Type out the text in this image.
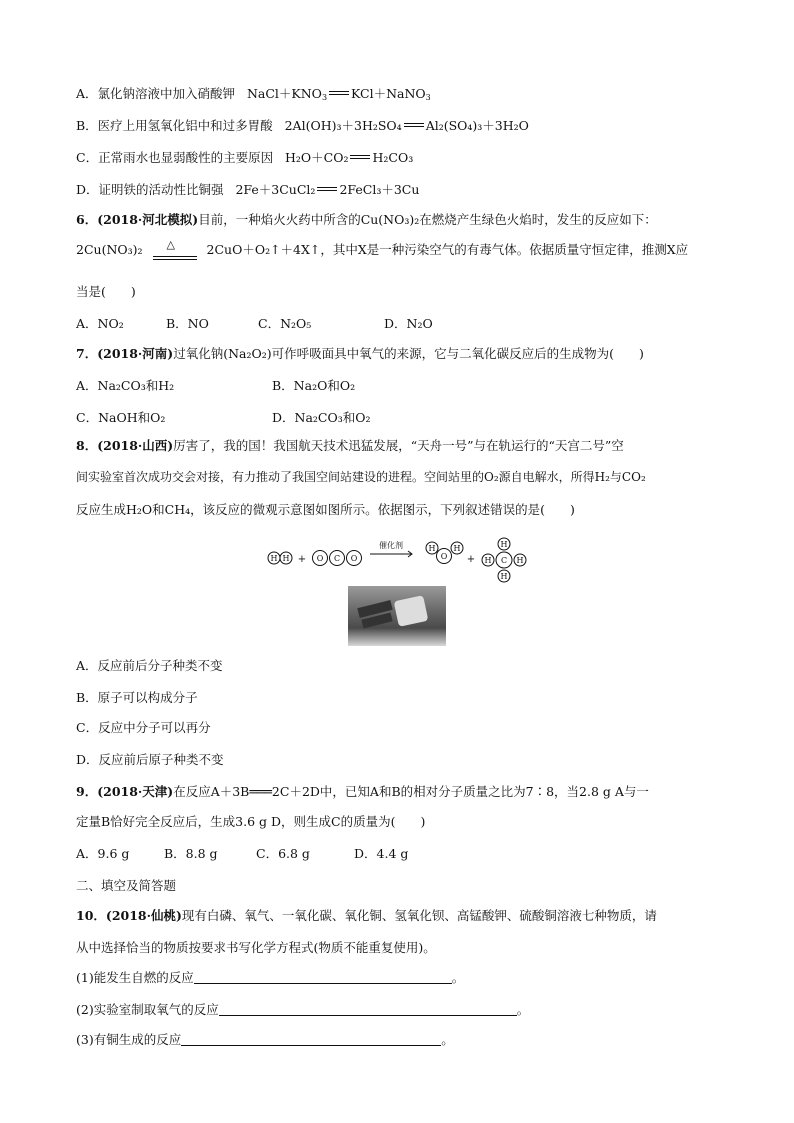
A．氯化钠溶液中加入硝酸钾 $NaCl+KNO_3$ KCl＋NaNO$_3$
B．医疗上用氢氧化铝中和过多胃酸 2Al(OH)₃＋3H₂SO₄ Al₂(SO₄)₃＋3H₂O
C．正常雨水也显弱酸性的主要原因 H₂O＋CO₂ H₂CO₃
D．证明铁的活动性比铜强 2Fe＋3CuCl₂ 2FeCl₃＋3Cu
6．(2018·河北模拟)目前，一种焰火火药中所含的Cu(NO₃)₂在燃烧产生绿色火焰时，发生的反应如下：
2Cu(NO₃)₂ △	2CuO＋O₂↑＋4X↑，其中X是一种污染空气的有毒气体。依据质量守恒定律，推测X应
当是(　　)
A．NO₂	B．NO	C．N₂O₅	D．N₂O
7．(2018·河南)过氧化钠(Na₂O₂)可作呼吸面具中氧气的来源，它与二氧化碳反应后的生成物为(　　)
A．Na₂CO₃和H₂	B．Na₂O和O₂
C．NaOH和O₂	D．Na₂CO₃和O₂
8．(2018·山西)厉害了，我的国！我国航天技术迅猛发展，“天舟一号”与在轨运行的“天宫二号”空
间实验室首次成功交会对接，有力推动了我国空间站建设的进程。空间站里的O₂源自电解水，所得H₂与CO₂
反应生成H₂O和CH₄，该反应的微观示意图如图所示。依据图示，下列叙述错误的是(　　)
H H + O C O
催化剂	H
O
H
+	C
H
H
H	H
A．反应前后分子种类不变
B．原子可以构成分子
C．反应中分子可以再分
D．反应前后原子种类不变
9．(2018·天津)在反应A＋3B═══2C＋2D中，已知A和B的相对分子质量之比为7∶8，当2.8 g A与一
定量B恰好完全反应后，生成3.6 g D，则生成C的质量为(　　)
A．9.6 g	B．8.8 g	C．6.8 g	D．4.4 g
二、填空及简答题
10．(2018·仙桃)现有白磷、氧气、一氧化碳、氧化铜、氢氧化钡、高锰酸钾、硫酸铜溶液七种物质，请
从中选择恰当的物质按要求书写化学方程式(物质不能重复使用)。
(1)能发生自燃的反应	。
(2)实验室制取氧气的反应	。
(3)有铜生成的反应	。
